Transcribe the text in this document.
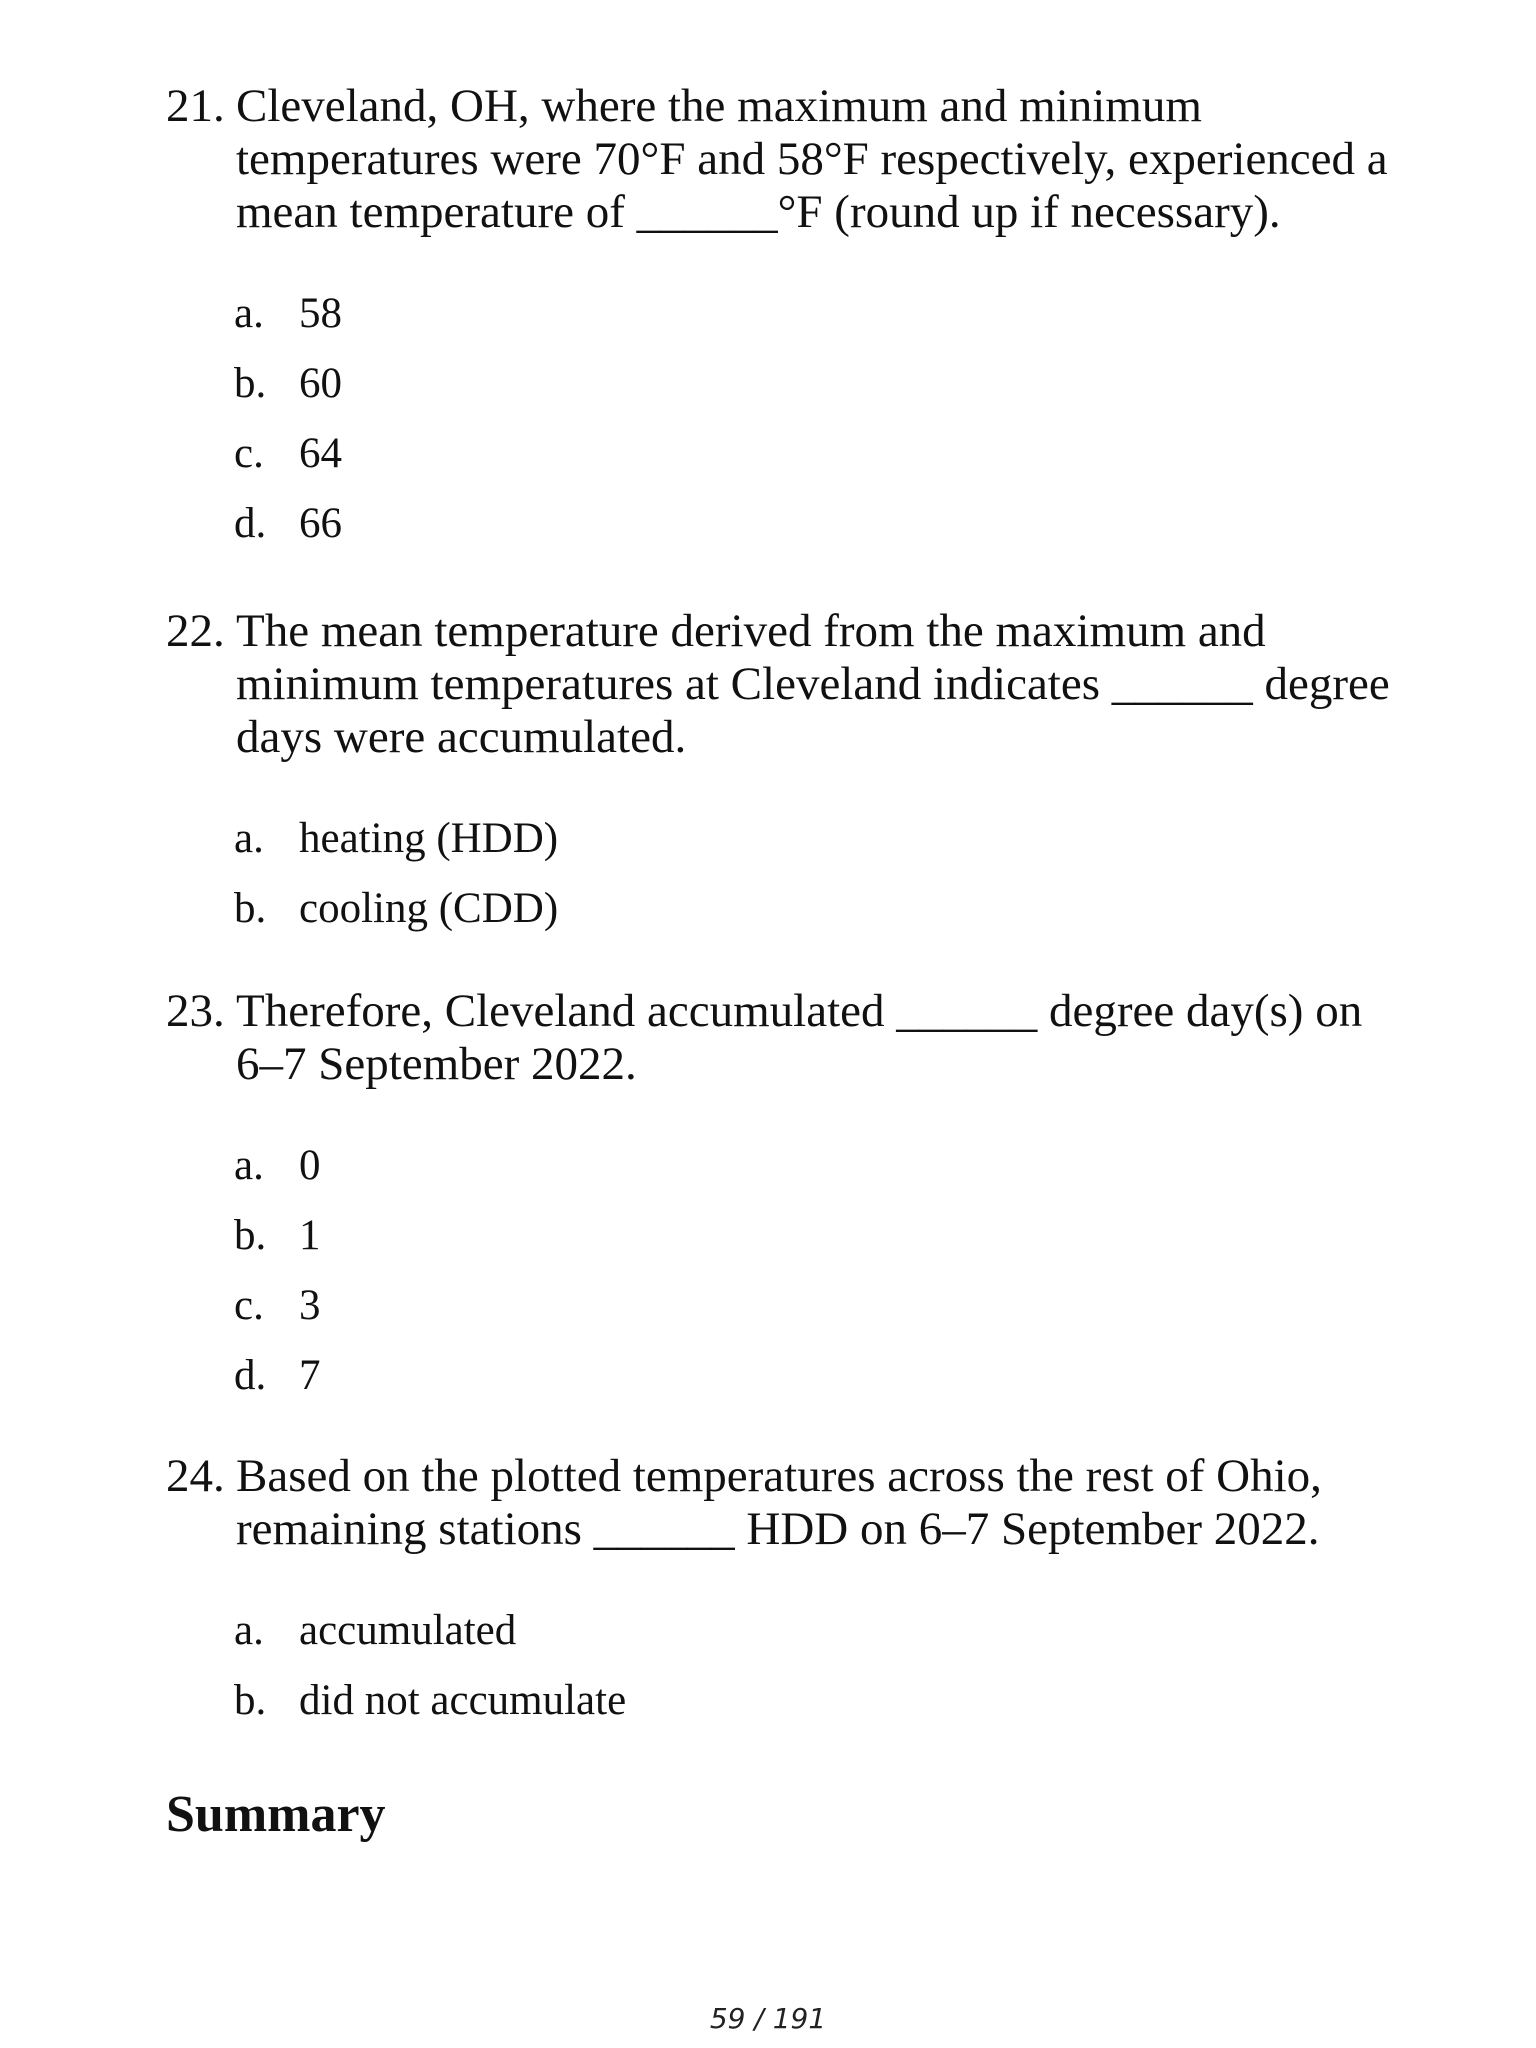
21. Cleveland, OH, where the maximum and minimum
temperatures were 70°F and 58°F respectively, experienced a
mean temperature of ______°F (round up if necessary).
a. 58
b. 60
c. 64
d. 66
22. The mean temperature derived from the maximum and
minimum temperatures at Cleveland indicates ______ degree
days were accumulated.
a. heating (HDD)
b. cooling (CDD)
23. Therefore, Cleveland accumulated ______ degree day(s) on
6–7 September 2022.
a. 0
b. 1
c. 3
d. 7
24. Based on the plotted temperatures across the rest of Ohio,
remaining stations ______ HDD on 6–7 September 2022.
a. accumulated
b. did not accumulate
Summary
59 / 191
